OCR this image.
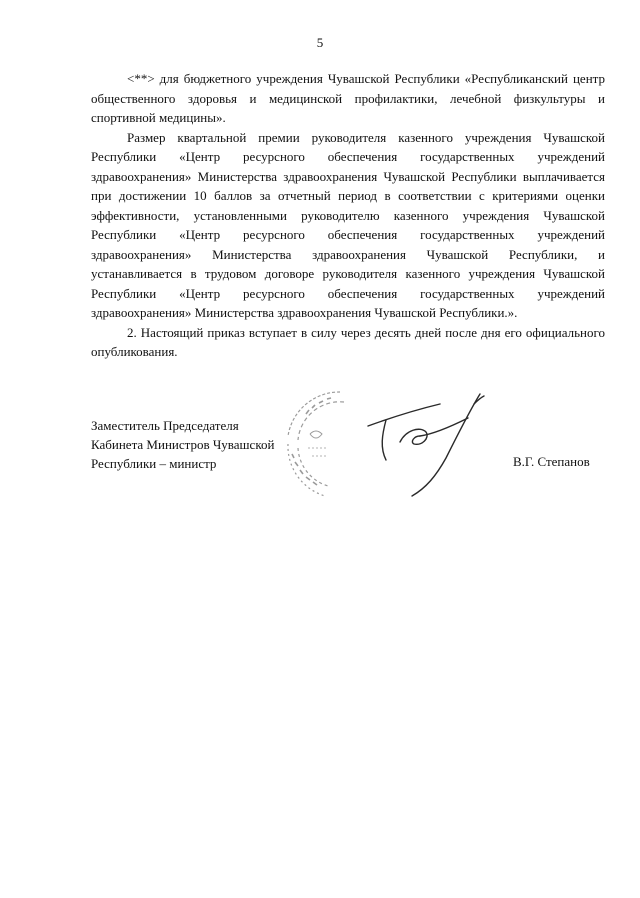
5

<**> для бюджетного учреждения Чувашской Республики «Республиканский центр общественного здоровья и медицинской профилактики, лечебной физкультуры и спортивной медицины».

Размер квартальной премии руководителя казенного учреждения Чувашской Республики «Центр ресурсного обеспечения государственных учреждений здравоохранения» Министерства здравоохранения Чувашской Республики выплачивается при достижении 10 баллов за отчетный период в соответствии с критериями оценки эффективности, установленными руководителю казенного учреждения Чувашской Республики «Центр ресурсного обеспечения государственных учреждений здравоохранения» Министерства здравоохранения Чувашской Республики, и устанавливается в трудовом договоре руководителя казенного учреждения Чувашской Республики «Центр ресурсного обеспечения государственных учреждений здравоохранения» Министерства здравоохранения Чувашской Республики.».

2. Настоящий приказ вступает в силу через десять дней после дня его официального опубликования.

Заместитель Председателя
Кабинета Министров Чувашской
Республики – министр	В.Г. Степанов
